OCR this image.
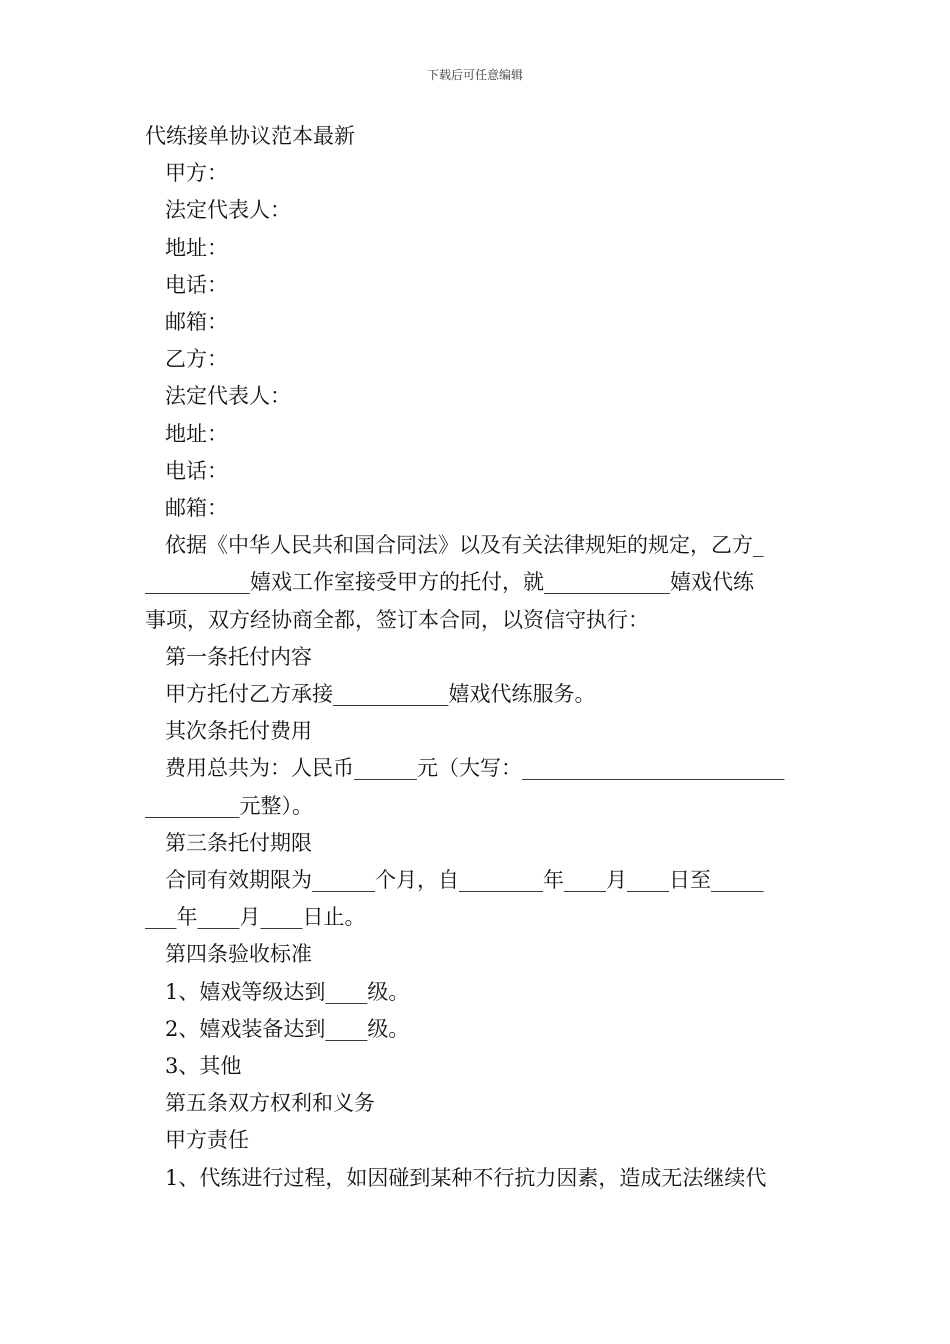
下载后可任意编辑

代练接单协议范本最新

甲方：

法定代表人：

地址：

电话：

邮箱：

乙方：

法定代表人：

地址：

电话：

邮箱：

依据《中华人民共和国合同法》以及有关法律规矩的规定，乙方_

__________嬉戏工作室接受甲方的托付，就____________嬉戏代练

事项，双方经协商全都，签订本合同，以资信守执行：

第一条托付内容

甲方托付乙方承接___________嬉戏代练服务。

其次条托付费用

费用总共为：人民币______元（大写：_________________________

_________元整）。

第三条托付期限

合同有效期限为______个月，自________年____月____日至_____

___年____月____日止。

第四条验收标准

1、嬉戏等级达到____级。

2、嬉戏装备达到____级。

3、其他

第五条双方权利和义务

甲方责任

1、代练进行过程，如因碰到某种不行抗力因素，造成无法继续代
